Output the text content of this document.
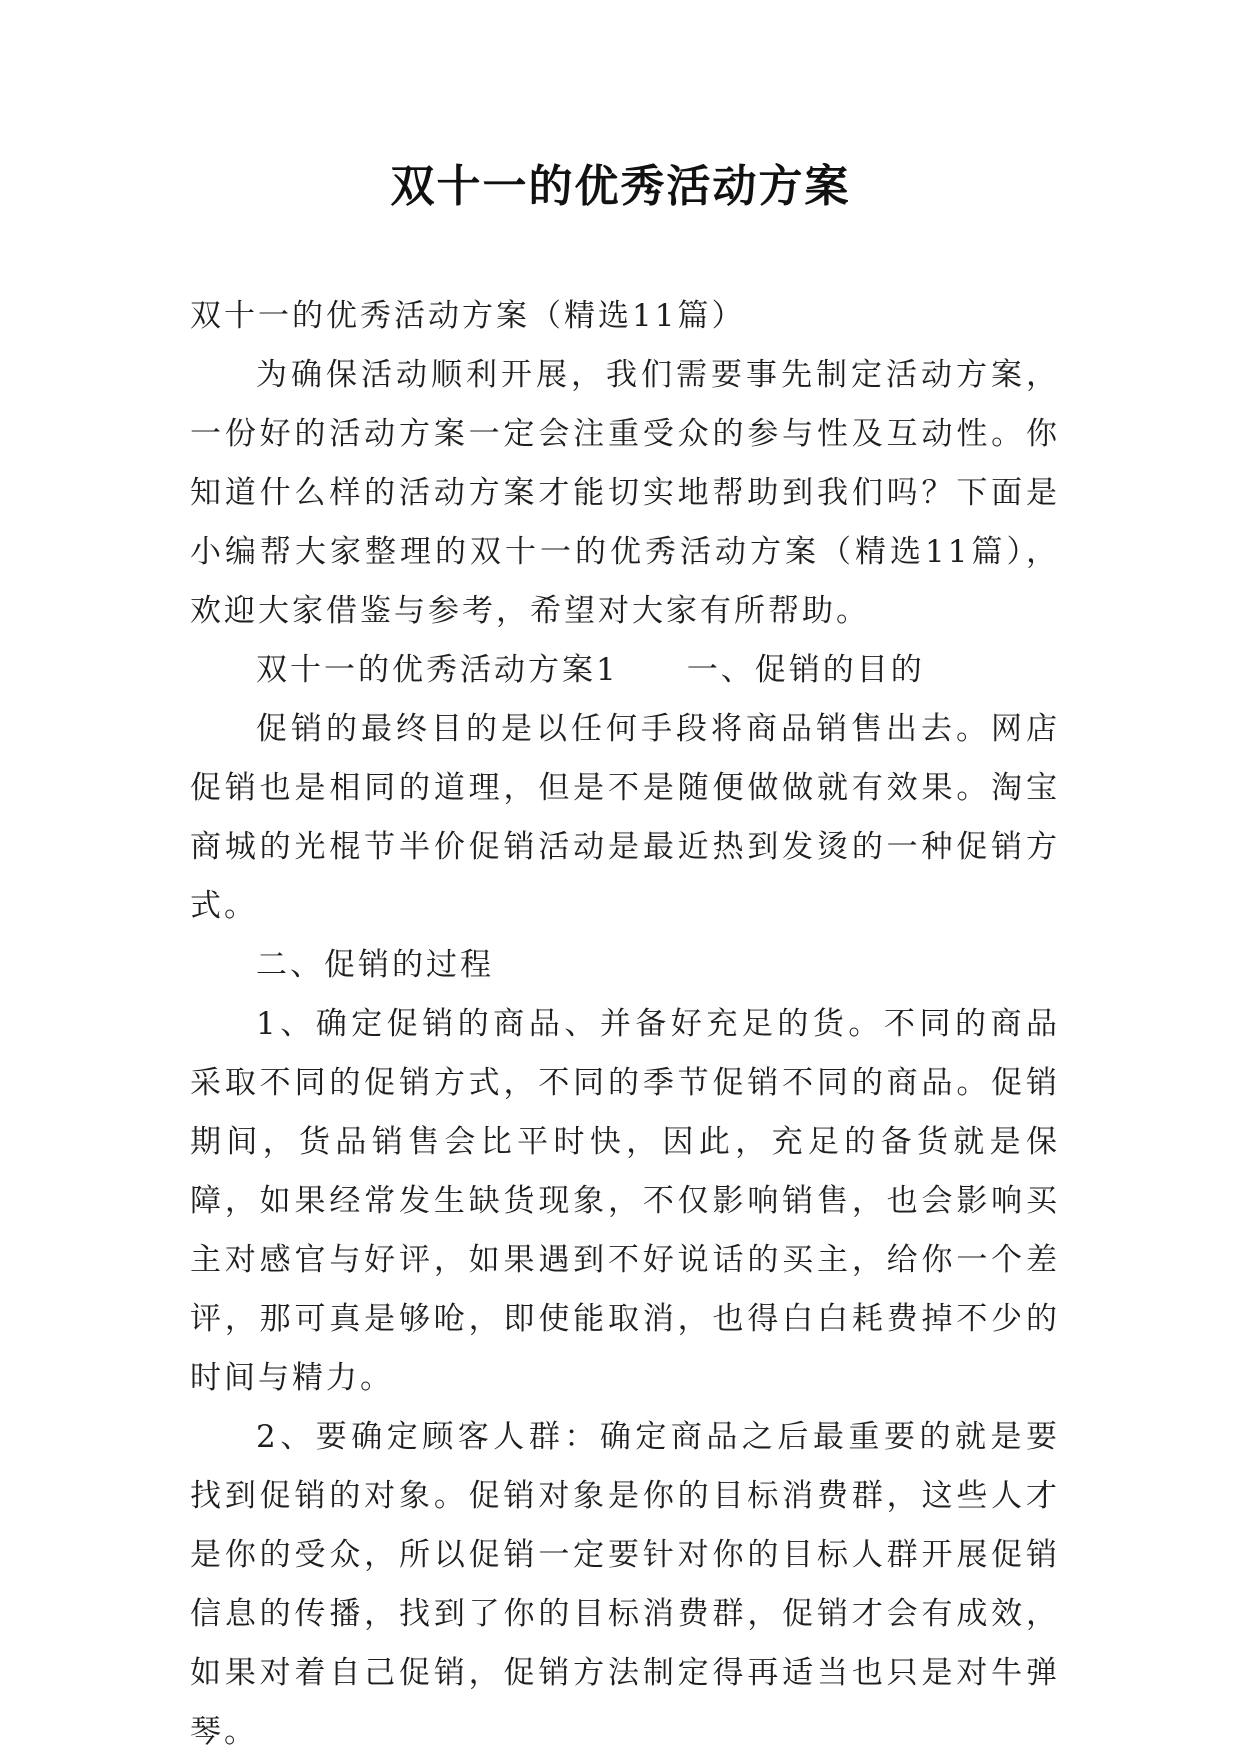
双十一的优秀活动方案

双十一的优秀活动方案（精选11篇）

为确保活动顺利开展，我们需要事先制定活动方案，一份好的活动方案一定会注重受众的参与性及互动性。你知道什么样的活动方案才能切实地帮助到我们吗？下面是小编帮大家整理的双十一的优秀活动方案（精选11篇），欢迎大家借鉴与参考，希望对大家有所帮助。

双十一的优秀活动方案1 一、促销的目的

促销的最终目的是以任何手段将商品销售出去。网店促销也是相同的道理，但是不是随便做做就有效果。淘宝商城的光棍节半价促销活动是最近热到发烫的一种促销方式。

二、促销的过程

1、确定促销的商品、并备好充足的货。不同的商品采取不同的促销方式，不同的季节促销不同的商品。促销期间，货品销售会比平时快，因此，充足的备货就是保障，如果经常发生缺货现象，不仅影响销售，也会影响买主对感官与好评，如果遇到不好说话的买主，给你一个差评，那可真是够呛，即使能取消，也得白白耗费掉不少的时间与精力。

2、要确定顾客人群：确定商品之后最重要的就是要找到促销的对象。促销对象是你的目标消费群，这些人才是你的受众，所以促销一定要针对你的目标人群开展促销信息的传播，找到了你的目标消费群，促销才会有成效，如果对着自己促销，促销方法制定得再适当也只是对牛弹琴。
